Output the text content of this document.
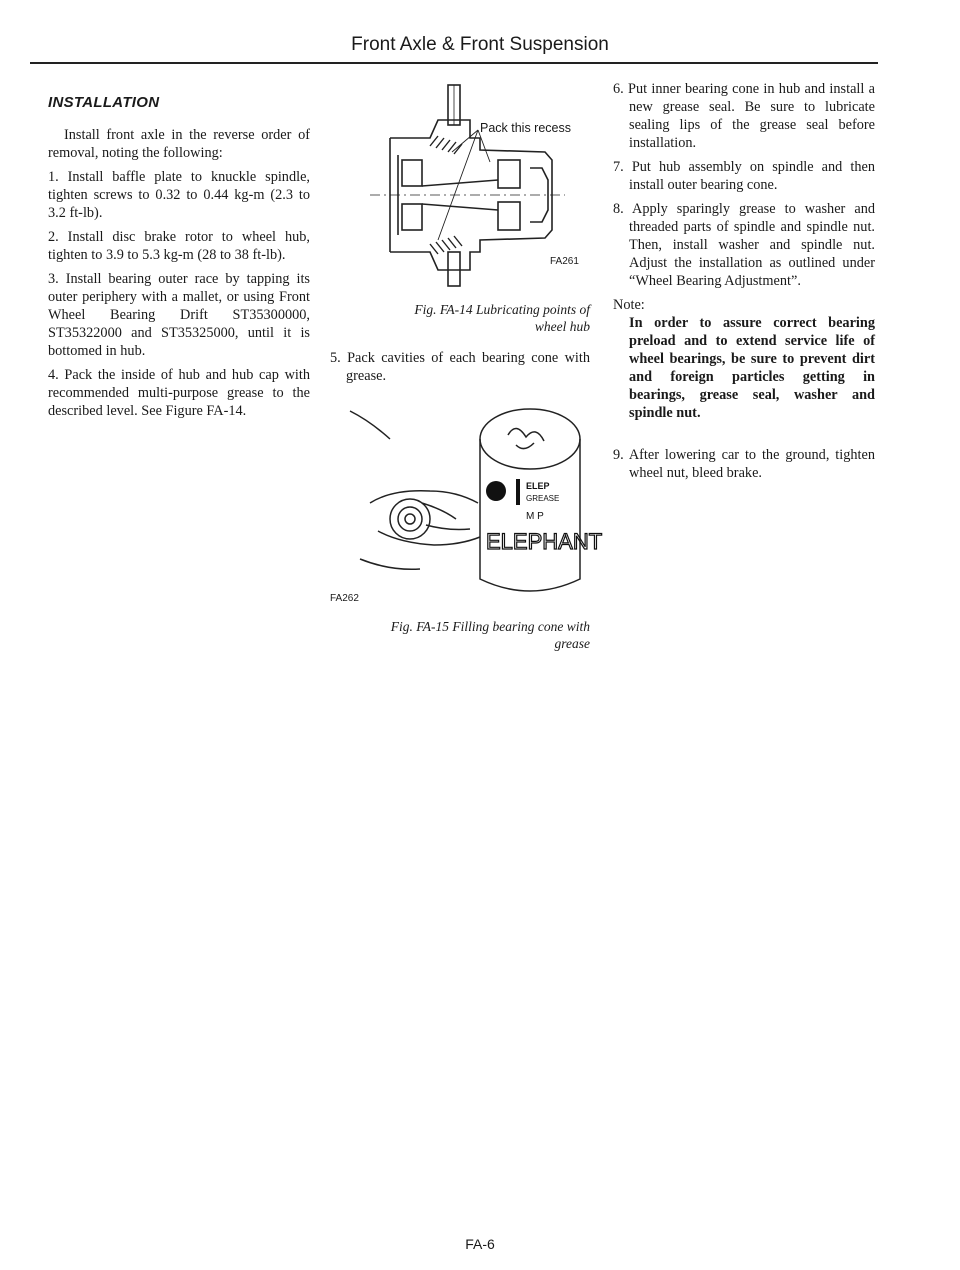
Front Axle & Front Suspension
INSTALLATION

Install front axle in the reverse order of removal, noting the following:

1. Install baffle plate to knuckle spindle, tighten screws to 0.32 to 0.44 kg-m (2.3 to 3.2 ft-lb).

2. Install disc brake rotor to wheel hub, tighten to 3.9 to 5.3 kg-m (28 to 38 ft-lb).

3. Install bearing outer race by tapping its outer periphery with a mallet, or using Front Wheel Bearing Drift ST35300000, ST35322000 and ST35325000, until it is bottomed in hub.

4. Pack the inside of hub and hub cap with recommended multi-purpose grease to the described level. See Figure FA-14.

Pack this recess
FA261
Fig. FA-14 Lubricating points of
wheel hub

5. Pack cavities of each bearing cone with grease.

ELEP
GREASE
M P
ELEPHANT
FA262
Fig. FA-15 Filling bearing cone with
grease

6. Put inner bearing cone in hub and install a new grease seal. Be sure to lubricate sealing lips of the grease seal before installation.

7. Put hub assembly on spindle and then install outer bearing cone.

8. Apply sparingly grease to washer and threaded parts of spindle and spindle nut. Then, install washer and spindle nut. Adjust the installation as outlined under “Wheel Bearing Adjustment”.

Note:

In order to assure correct bearing preload and to extend service life of wheel bearings, be sure to prevent dirt and foreign particles getting in bearings, grease seal, washer and spindle nut.

9. After lowering car to the ground, tighten wheel nut, bleed brake.

FA-6
